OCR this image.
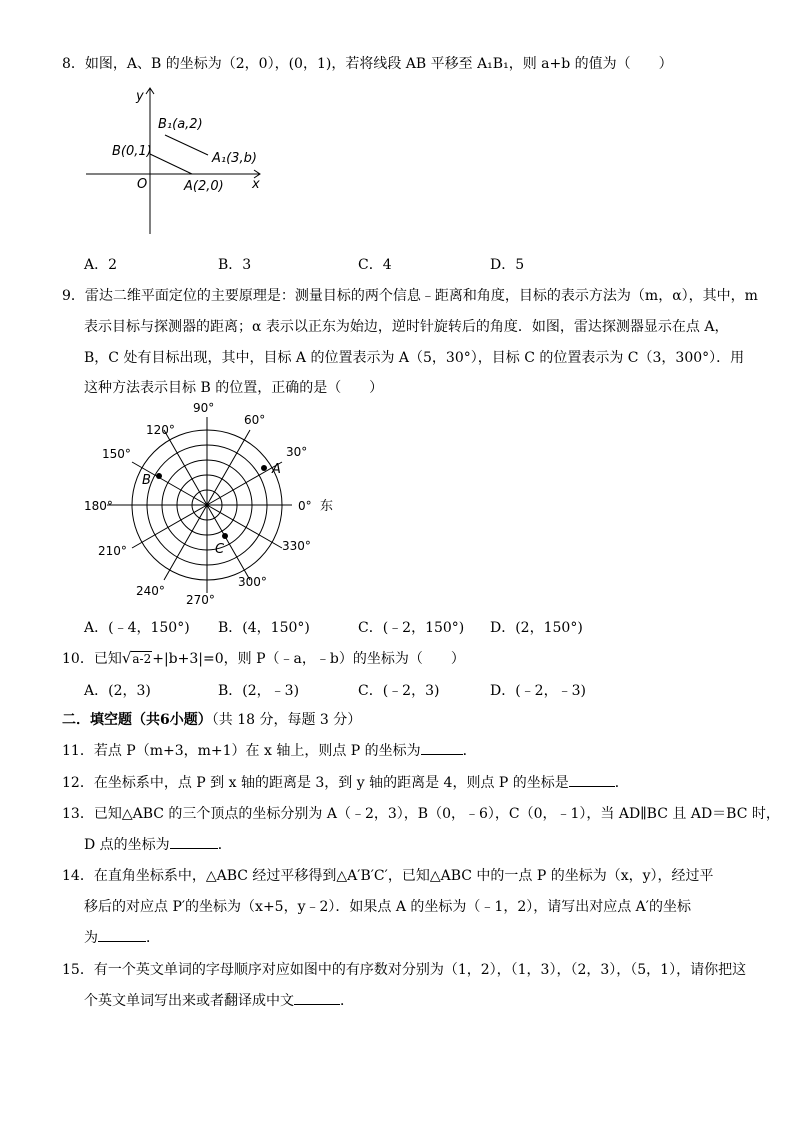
8．如图，A、B 的坐标为（2，0），(0，1)，若将线段 AB 平移至 A₁B₁，则 a+b 的值为（　　）
y
x
O
B(0,1)
A(2,0)
B₁(a,2)
A₁(3,b)
A．2	B．3	C．4	D．5
9．雷达二维平面定位的主要原理是：测量目标的两个信息﹣距离和角度，目标的表示方法为（m，α），其中，m
表示目标与探测器的距离；α 表示以正东为始边，逆时针旋转后的角度．如图，雷达探测器显示在点 A，
B，C 处有目标出现，其中，目标 A 的位置表示为 A（5，30°），目标 C 的位置表示为 C（3，300°）．用
这种方法表示目标 B 的位置，正确的是（　　）
90°
60°
120°
30°
150°
180°	0° 东
210°	330°
240°
300°
270°
A
B
C
A．(﹣4，150°) B．(4，150°)	C．(﹣2，150°) D．(2，150°)
10．已知√a-2+|b+3|=0，则 P（﹣a，﹣b）的坐标为（　　）
A．(2，3)	B．(2，﹣3)	C．(﹣2，3)	D．(﹣2，﹣3)
二．填空题（共6小题）（共 18 分，每题 3 分）
11．若点 P（m+3，m+1）在 x 轴上，则点 P 的坐标为	．
12．在坐标系中，点 P 到 x 轴的距离是 3，到 y 轴的距离是 4，则点 P 的坐标是	．
13．已知△ABC 的三个顶点的坐标分别为 A（﹣2，3），B（0，﹣6），C（0，﹣1），当 AD∥BC 且 AD＝BC 时，
D 点的坐标为	．
14．在直角坐标系中，△ABC 经过平移得到△A′B′C′，已知△ABC 中的一点 P 的坐标为（x，y），经过平
移后的对应点 P′的坐标为（x+5，y﹣2）．如果点 A 的坐标为（﹣1，2），请写出对应点 A′的坐标
为	．
15．有一个英文单词的字母顺序对应如图中的有序数对分别为（1，2），（1，3），（2，3），（5，1），请你把这
个英文单词写出来或者翻译成中文	．
